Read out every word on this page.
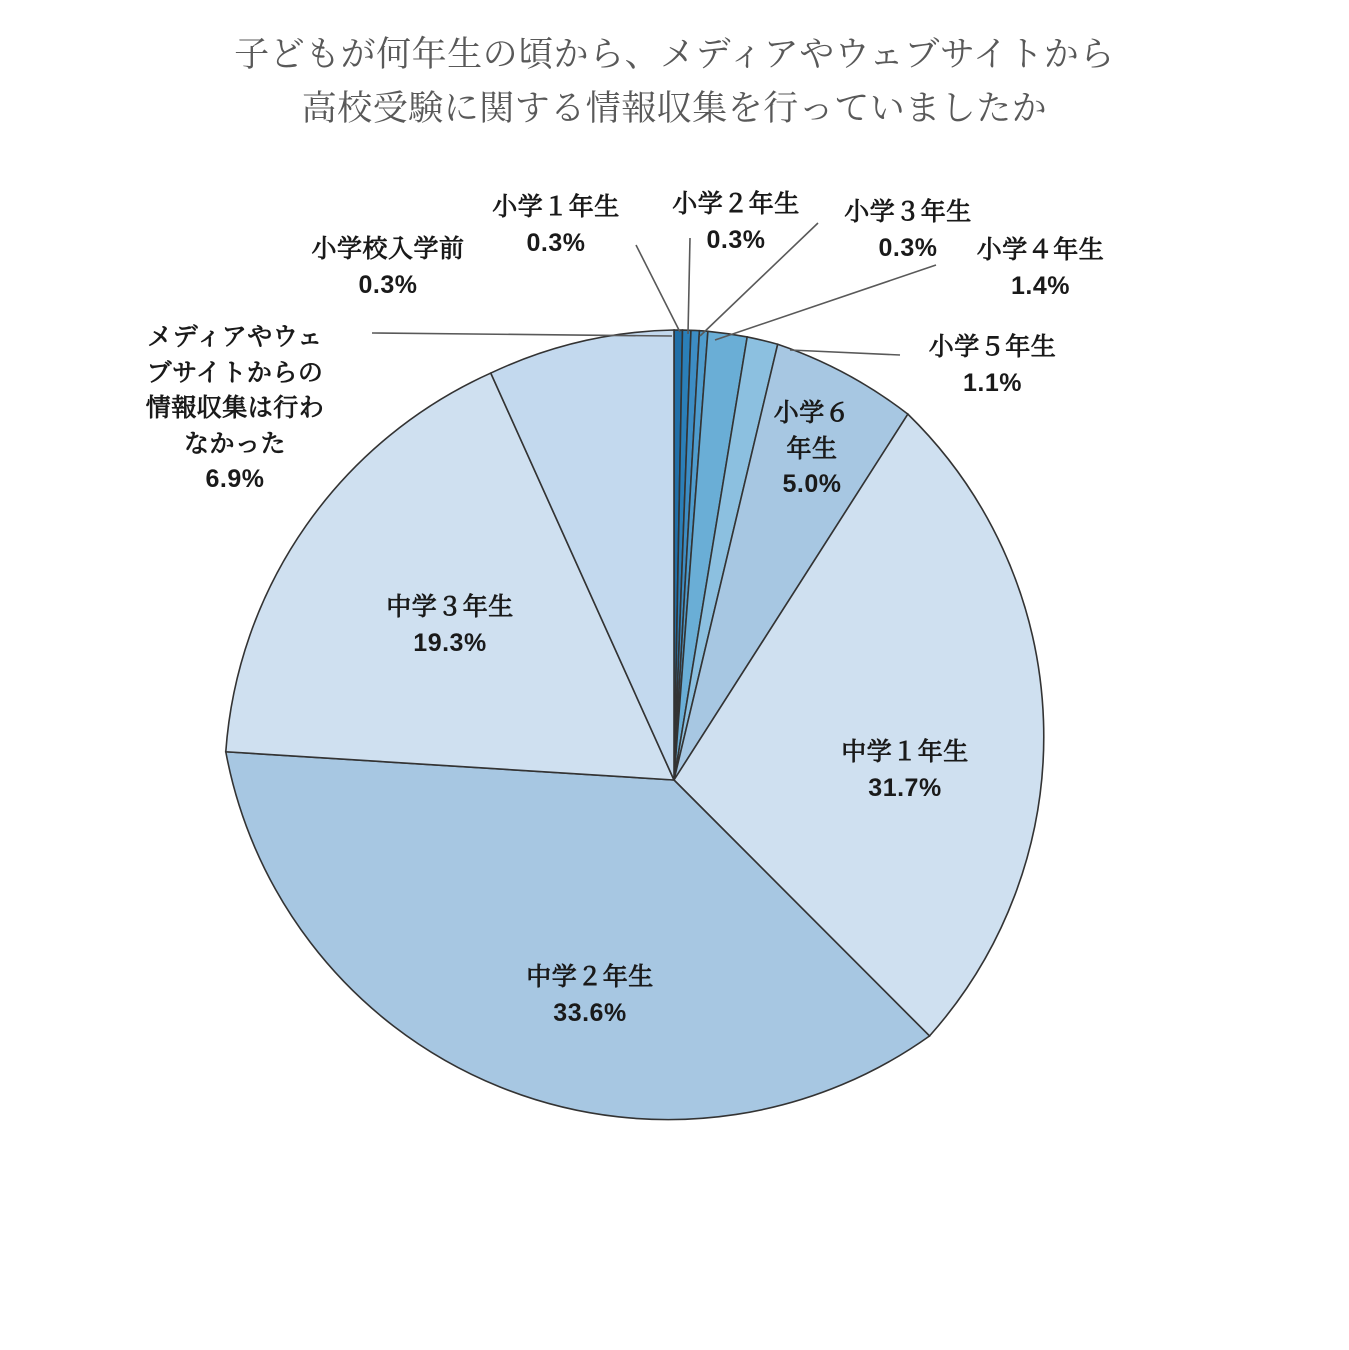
子どもが何年生の頃から、メディアやウェブサイトから
高校受験に関する情報収集を行っていましたか
小学校入学前
0.3%
小学１年生
0.3%
小学２年生
0.3%
小学３年生
0.3%	小学４年生
1.4%
小学５年生
1.1%
小学６
年生
5.0%
メディアやウェ
ブサイトからの
情報収集は行わ
なかった
6.9%
中学３年生
19.3%
中学１年生
31.7%
中学２年生
33.6%
